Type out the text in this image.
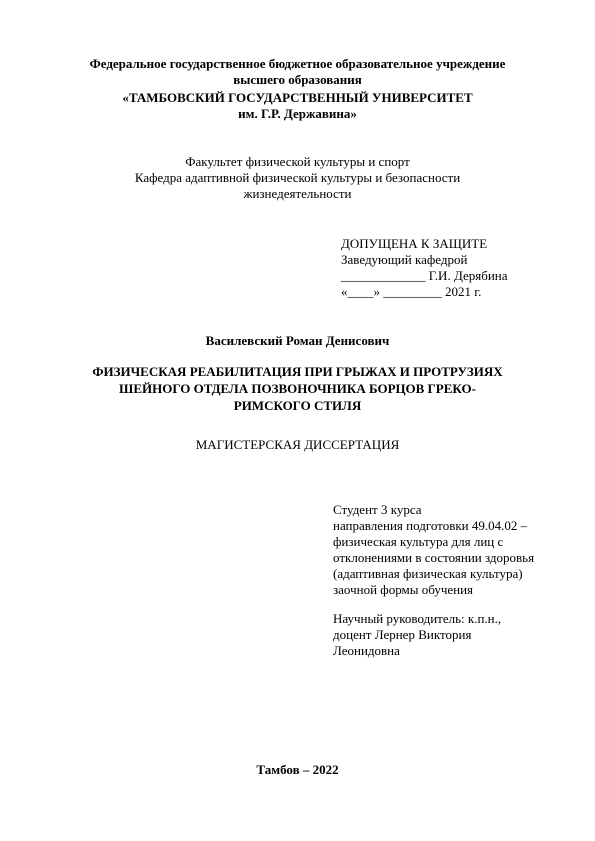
Федеральное государственное бюджетное образовательное учреждение
высшего образования
«ТАМБОВСКИЙ ГОСУДАРСТВЕННЫЙ УНИВЕРСИТЕТ
им. Г.Р. Державина»
Факультет физической культуры и спорт
Кафедра адаптивной физической культуры и безопасности
жизнедеятельности
ДОПУЩЕНА К ЗАЩИТЕ
Заведующий кафедрой
_____________ Г.И. Дерябина
«____» _________ 2021 г.
Василевский Роман Денисович
ФИЗИЧЕСКАЯ РЕАБИЛИТАЦИЯ ПРИ ГРЫЖАХ И ПРОТРУЗИЯХ
ШЕЙНОГО ОТДЕЛА ПОЗВОНОЧНИКА БОРЦОВ ГРЕКО-
РИМСКОГО СТИЛЯ
МАГИСТЕРСКАЯ ДИССЕРТАЦИЯ
Студент 3 курса
направления подготовки 49.04.02 –
физическая культура для лиц с
отклонениями в состоянии здоровья
(адаптивная физическая культура)
заочной формы обучения
Научный руководитель: к.п.н.,
доцент Лернер Виктория
Леонидовна
Тамбов – 2022
